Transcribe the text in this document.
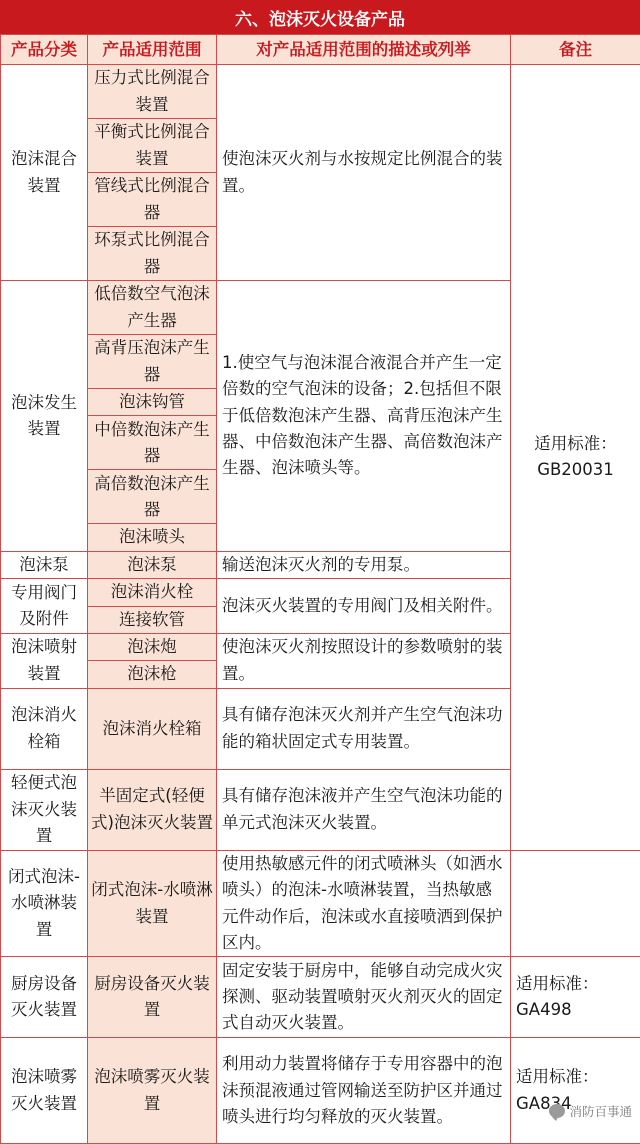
六、泡沫灭火设备产品
产品分类	产品适用范围	对产品适用范围的描述或列举	备注
泡沫混合装置	压力式比例混合装置	使泡沫灭火剂与水按规定比例混合的装置。	适用标准：GB20031
	平衡式比例混合装置		
	管线式比例混合器		
	环泵式比例混合器		
泡沫发生装置	低倍数空气泡沫产生器	1.使空气与泡沫混合液混合并产生一定倍数的空气泡沫的设备；2.包括但不限于低倍数泡沫产生器、高背压泡沫产生器、中倍数泡沫产生器、高倍数泡沫产生器、泡沫喷头等。	
	高背压泡沫产生器		
	泡沫钩管		
	中倍数泡沫产生器		
	高倍数泡沫产生器		
	泡沫喷头		
泡沫泵	泡沫泵	输送泡沫灭火剂的专用泵。	
专用阀门及附件	泡沫消火栓	泡沫灭火装置的专用阀门及相关附件。	
	连接软管		
泡沫喷射装置	泡沫炮	使泡沫灭火剂按照设计的参数喷射的装置。	
	泡沫枪		
泡沫消火栓箱	泡沫消火栓箱	具有储存泡沫灭火剂并产生空气泡沫功能的箱状固定式专用装置。	
轻便式泡沫灭火装置	半固定式(轻便式)泡沫灭火装置	具有储存泡沫液并产生空气泡沫功能的单元式泡沫灭火装置。	
闭式泡沫-水喷淋装置	闭式泡沫-水喷淋装置	使用热敏感元件的闭式喷淋头（如洒水喷头）的泡沫-水喷淋装置，当热敏感元件动作后，泡沫或水直接喷洒到保护区内。	
厨房设备灭火装置	厨房设备灭火装置	固定安装于厨房中，能够自动完成火灾探测、驱动装置喷射灭火剂灭火的固定式自动灭火装置。	适用标准：GA498
泡沫喷雾灭火装置	泡沫喷雾灭火装置	利用动力装置将储存于专用容器中的泡沫预混液通过管网输送至防护区并通过喷头进行均匀释放的灭火装置。	适用标准：GA834
消防百事通
